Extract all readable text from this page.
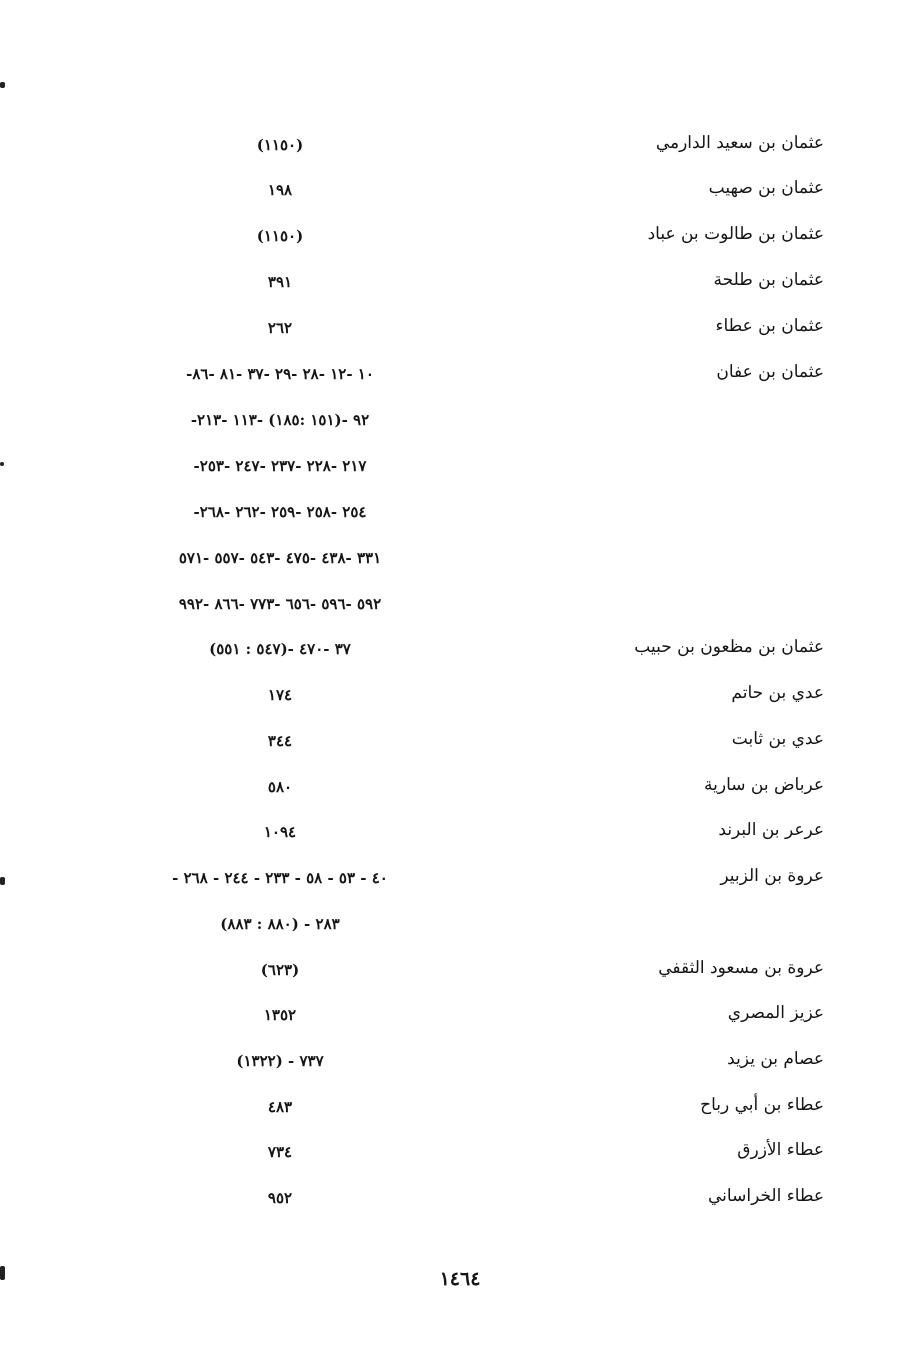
عثمان بن سعيد الدارمي
(١١٥٠)
عثمان بن صهيب
١٩٨
عثمان بن طالوت بن عباد
(١١٥٠)
عثمان بن طلحة
٣٩١
عثمان بن عطاء
٢٦٢
عثمان بن عفان
١٠ -١٢ -٢٨ -٢٩ -٣٧ -٨١ -٨٦-
٩٢ -(١٥١ :١٨٥) -١١٣ -٢١٣-
٢١٧ -٢٢٨ -٢٣٧ -٢٤٧ -٢٥٣-
٢٥٤ -٢٥٨ -٢٥٩ -٢٦٢ -٢٦٨-
٣٣١ -٤٣٨ -٤٧٥ -٥٤٣ -٥٥٧ -٥٧١
٥٩٢ -٥٩٦ -٦٥٦ -٧٧٣ -٨٦٦ -٩٩٢
عثمان بن مظعون بن حبيب
٣٧ -٤٧٠ -(٥٤٧ : ٥٥١)
عدي بن حاتم
١٧٤
عدي بن ثابت
٣٤٤
عرباض بن سارية
٥٨٠
عرعر بن البرند
١٠٩٤
عروة بن الزبير
٤٠ - ٥٣ - ٥٨ - ٢٣٣ - ٢٤٤ - ٢٦٨ -
٢٨٣ - (٨٨٠ : ٨٨٣)
عروة بن مسعود الثقفي
(٦٢٣)
عزيز المصري
١٣٥٢
عصام بن يزيد
٧٣٧ - (١٣٢٢)
عطاء بن أبي رباح
٤٨٣
عطاء الأزرق
٧٣٤
عطاء الخراساني
٩٥٢
١٤٦٤
